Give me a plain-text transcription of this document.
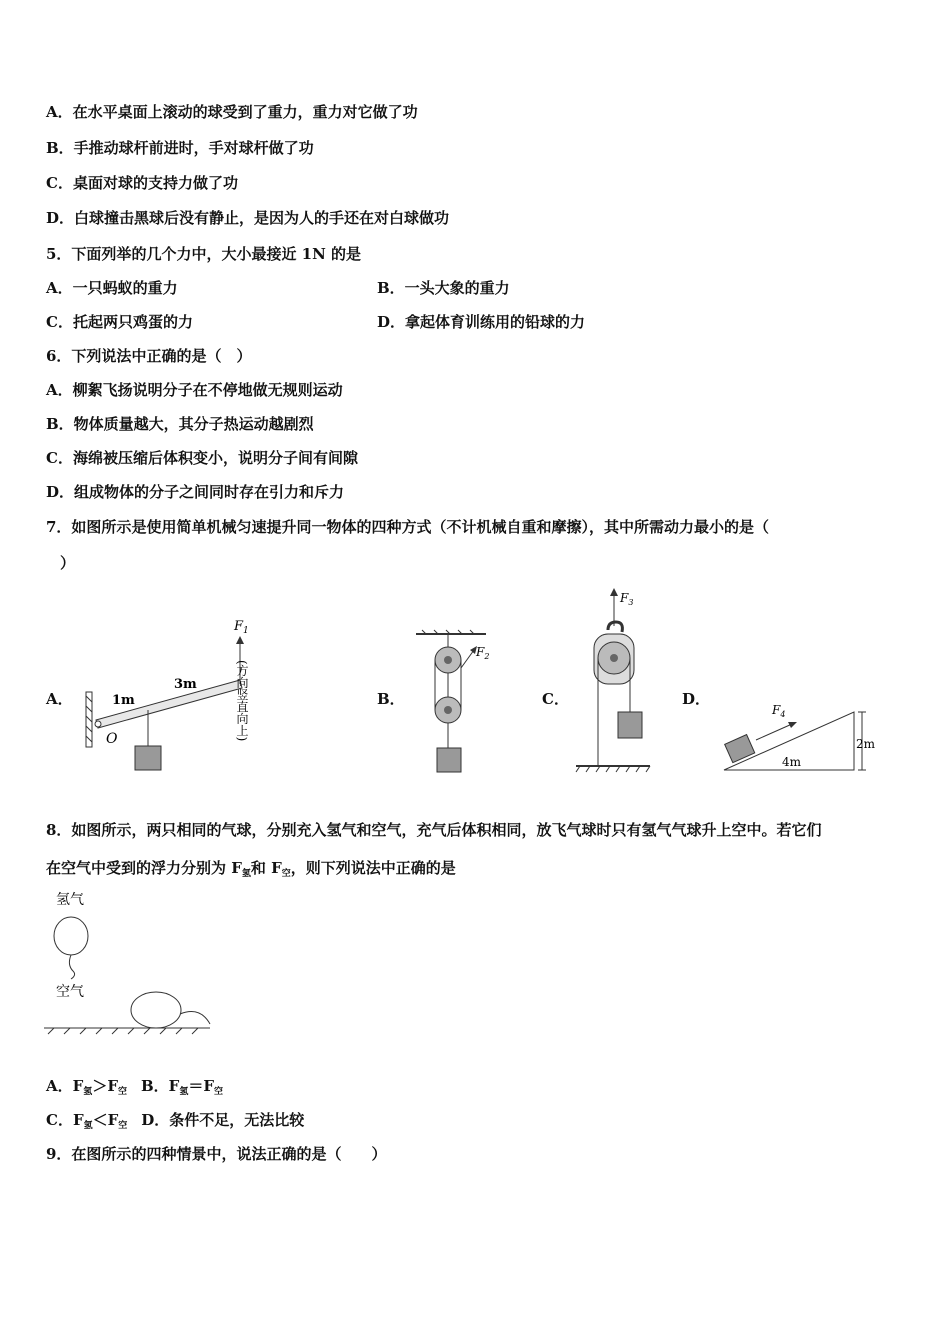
A．在水平桌面上滚动的球受到了重力，重力对它做了功
B．手推动球杆前进时，手对球杆做了功
C．桌面对球的支持力做了功
D．白球撞击黑球后没有静止，是因为人的手还在对白球做功
5．下面列举的几个力中，大小最接近 1N 的是
A．一只蚂蚁的重力	B．一头大象的重力
C．托起两只鸡蛋的力	D．拿起体育训练用的铅球的力
6．下列说法中正确的是（　）
A．柳絮飞扬说明分子在不停地做无规则运动
B．物体质量越大，其分子热运动越剧烈
C．海绵被压缩后体积变小，说明分子间有间隙
D．组成物体的分子之间同时存在引力和斥力
7．如图所示是使用简单机械匀速提升同一物体的四种方式（不计机械自重和摩擦），其中所需动力最小的是（
）
A．	B．	C．	D．
O
1m
3m
$F_1$
(方向竖直向上)
$F_2$
$F_3$
$F_4$
4m
2m
8．如图所示，两只相同的气球，分别充入氢气和空气，充气后体积相同，放飞气球时只有氢气气球升上空中。若它们
在空气中受到的浮力分别为 $F_氢$和 $F_空$，则下列说法中正确的是
氢气
空气
A．$F_氢>F_空$ B．$F_氢=F_空$
C．$F_氢<F_空$ D．条件不足，无法比较
9．在图所示的四种情景中，说法正确的是（　　）
